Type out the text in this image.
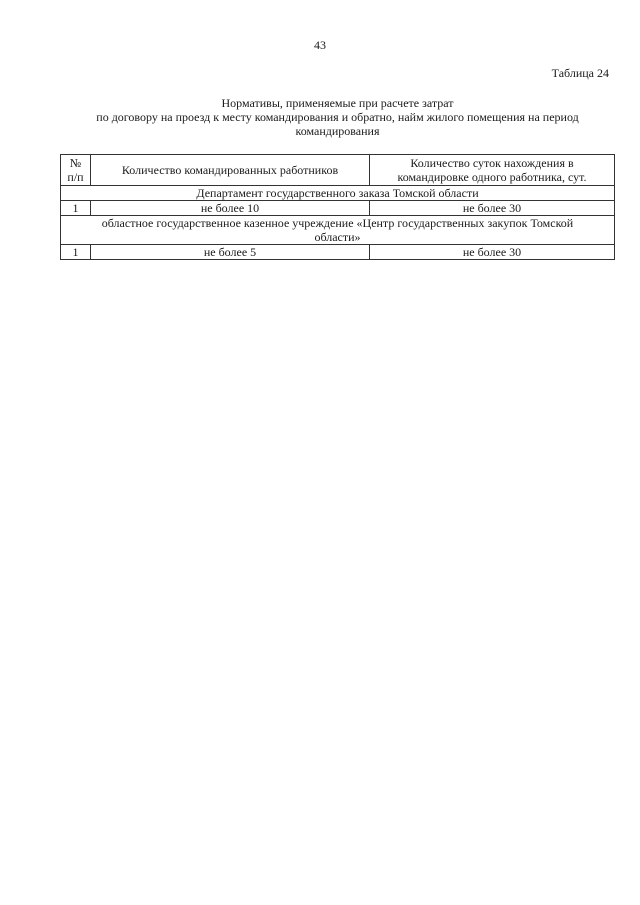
43
Таблица 24
Нормативы, применяемые при расчете затрат
по договору на проезд к месту командирования и обратно, найм жилого помещения на период
командирования
№
п/п	Количество командированных работников	Количество суток нахождения в
командировке одного работника, сут.

Департамент государственного заказа Томской области		
1	не более 10	не более 30

областное государственное казенное учреждение «Центр государственных закупок Томской
области»		

1	не более 5	не более 30
